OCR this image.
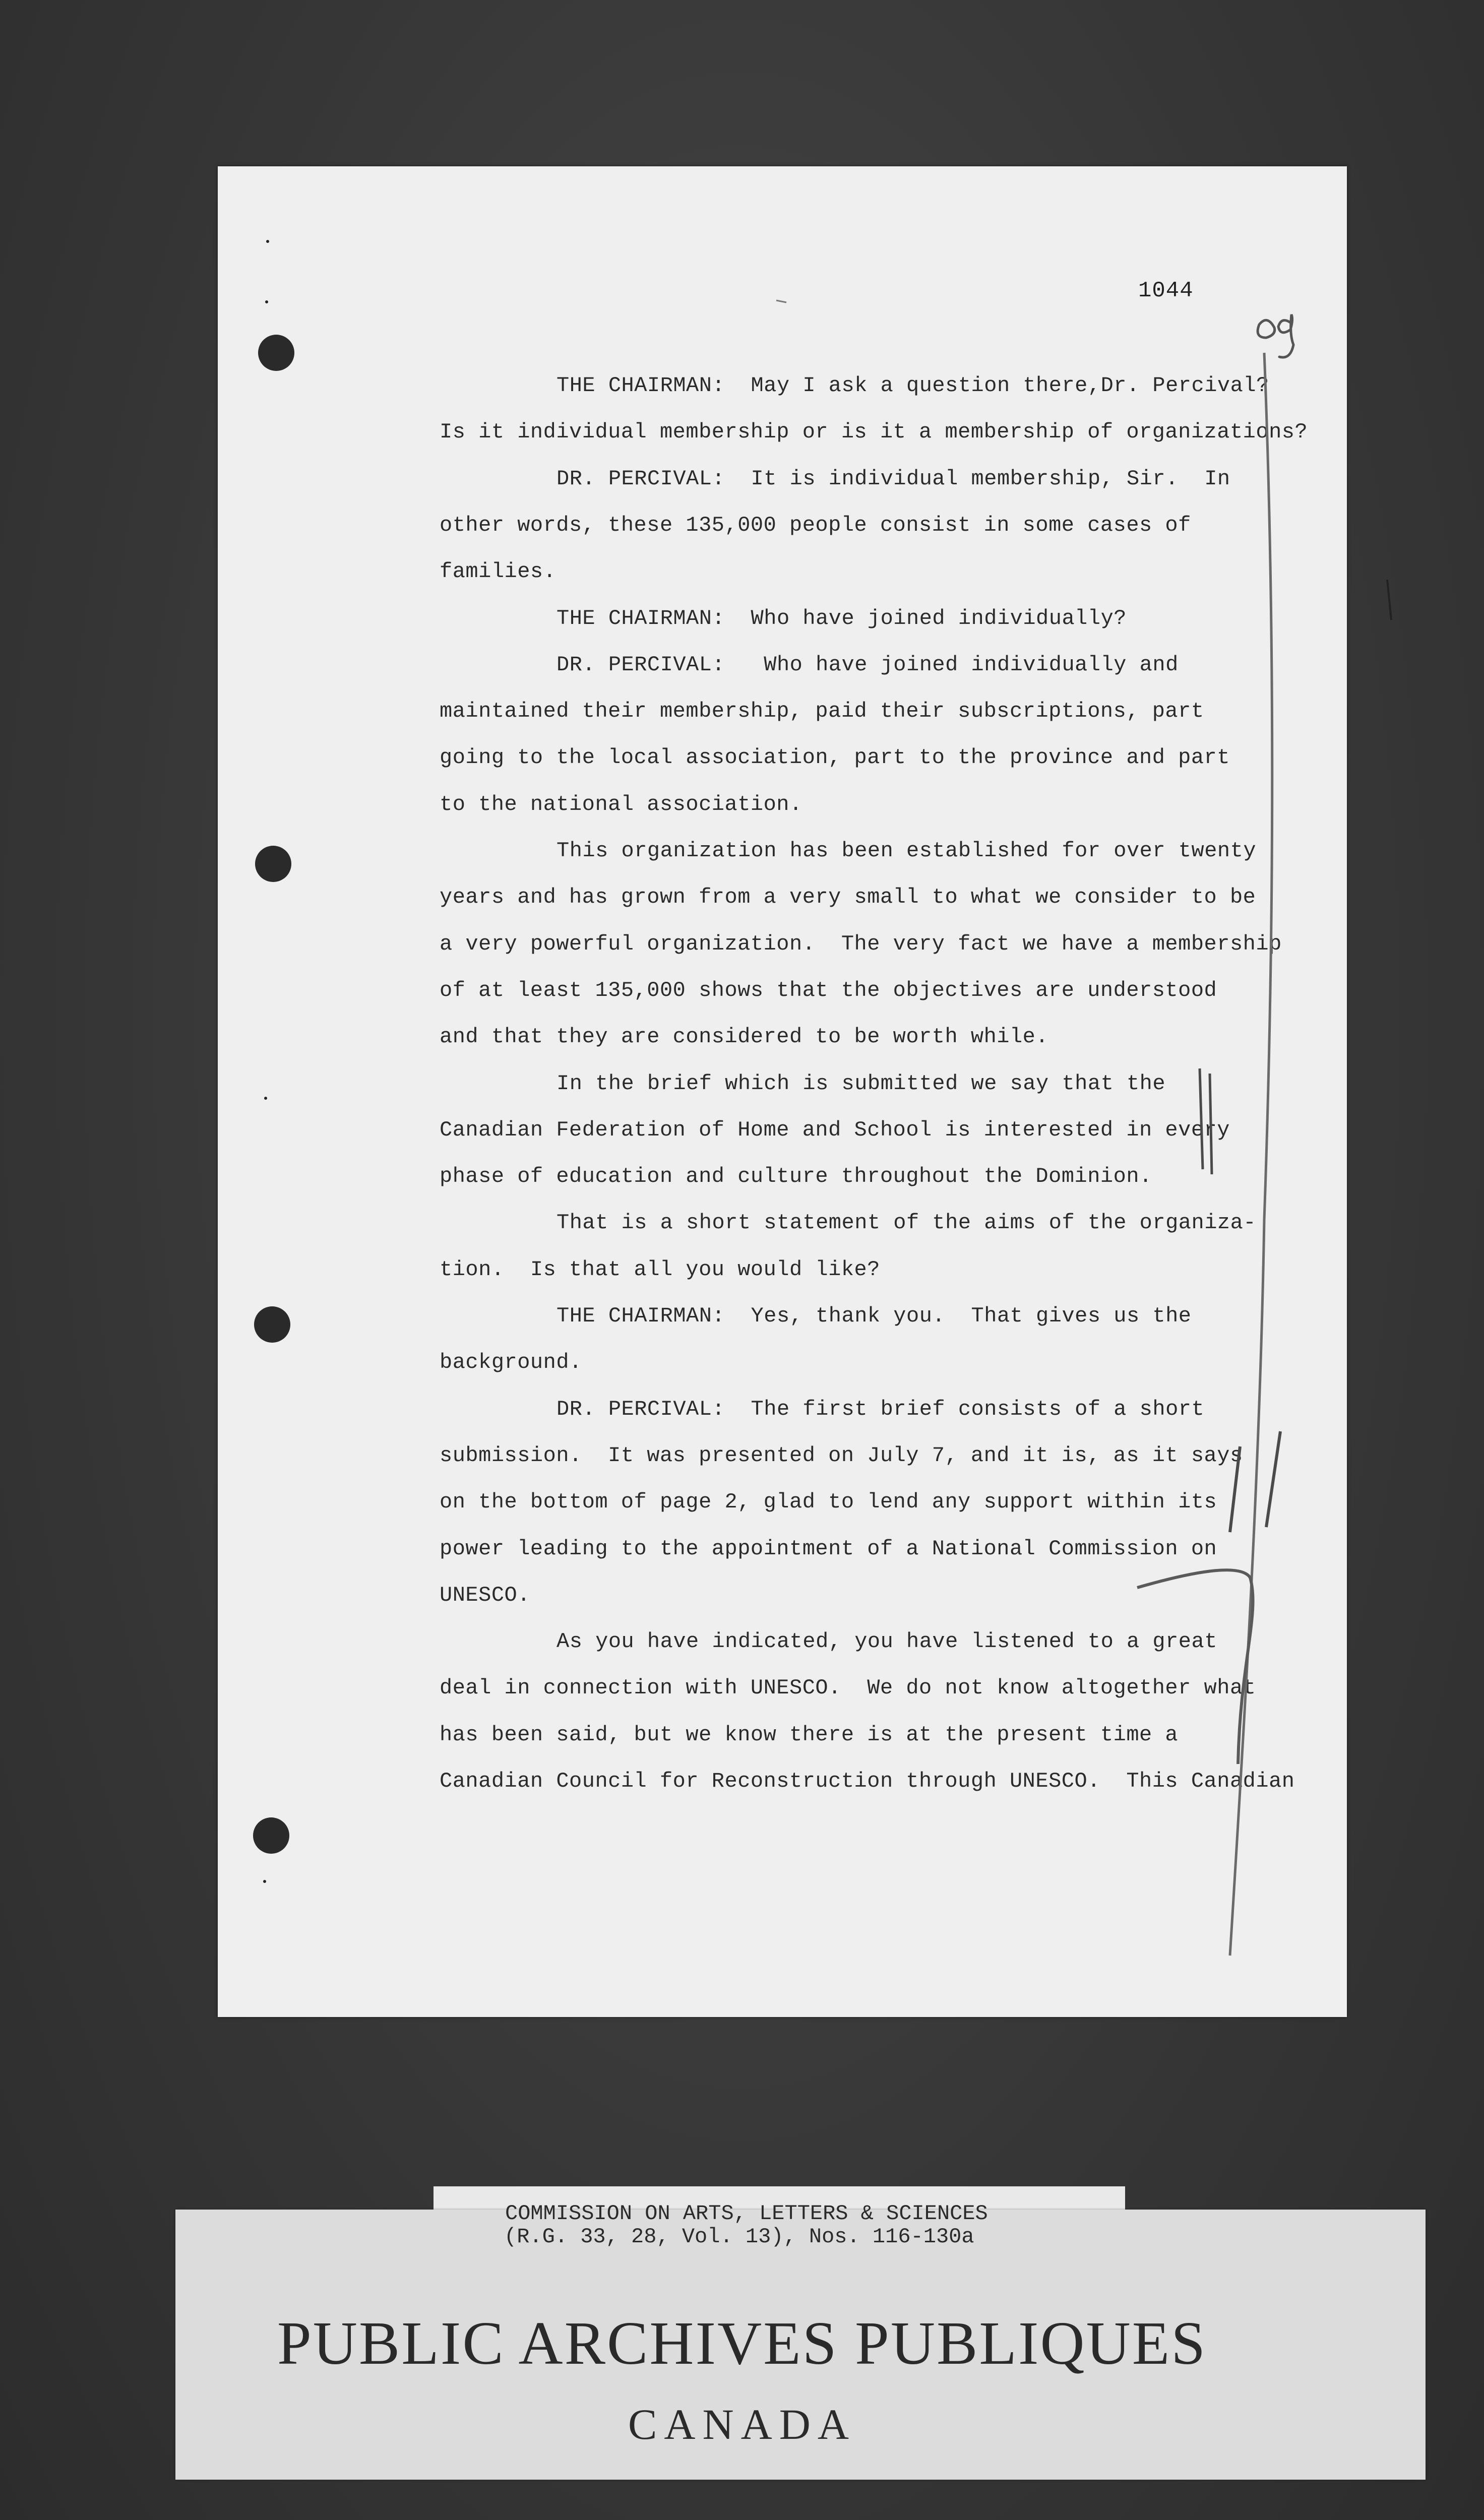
1044
THE CHAIRMAN:  May I ask a question there,Dr. Percival?
Is it individual membership or is it a membership of organizations?
DR. PERCIVAL:  It is individual membership, Sir.  In
other words, these 135,000 people consist in some cases of
families.
THE CHAIRMAN:  Who have joined individually?
DR. PERCIVAL:   Who have joined individually and
maintained their membership, paid their subscriptions, part
going to the local association, part to the province and part
to the national association.
This organization has been established for over twenty
years and has grown from a very small to what we consider to be
a very powerful organization.  The very fact we have a membership
of at least 135,000 shows that the objectives are understood
and that they are considered to be worth while.
In the brief which is submitted we say that the
Canadian Federation of Home and School is interested in every
phase of education and culture throughout the Dominion.
That is a short statement of the aims of the organiza-
tion.  Is that all you would like?
THE CHAIRMAN:  Yes, thank you.  That gives us the
background.
DR. PERCIVAL:  The first brief consists of a short
submission.  It was presented on July 7, and it is, as it says
on the bottom of page 2, glad to lend any support within its
power leading to the appointment of a National Commission on
UNESCO.
As you have indicated, you have listened to a great
deal in connection with UNESCO.  We do not know altogether what
has been said, but we know there is at the present time a
Canadian Council for Reconstruction through UNESCO.  This Canadian
COMMISSION ON ARTS, LETTERS & SCIENCES
(R.G. 33, 28, Vol. 13), Nos. 116-130a
PUBLIC ARCHIVES PUBLIQUES
CANADA
